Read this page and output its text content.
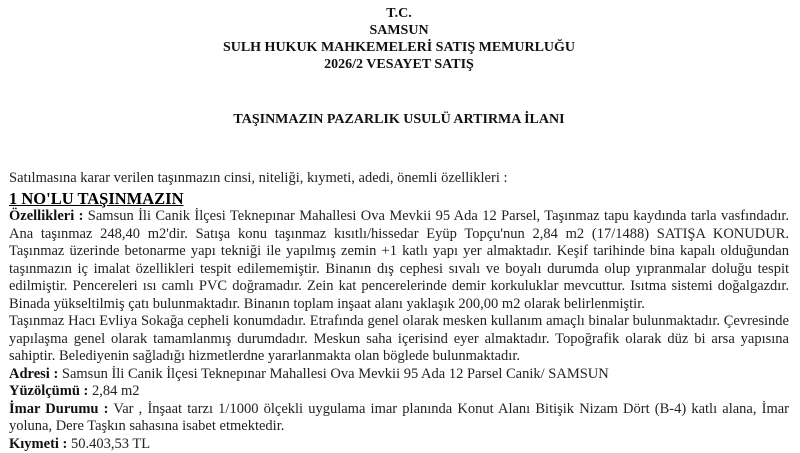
T.C.
SAMSUN
SULH HUKUK MAHKEMELERİ SATIŞ MEMURLUĞU
2026/2 VESAYET SATIŞ
TAŞINMAZIN PAZARLIK USULÜ ARTIRMA İLANI
Satılmasına karar verilen taşınmazın cinsi, niteliği, kıymeti, adedi, önemli özellikleri :
1 NO'LU TAŞINMAZIN

Özellikleri : Samsun İli Canik İlçesi Teknepınar Mahallesi Ova Mevkii 95 Ada 12 Parsel, Taşınmaz tapu kaydında tarla vasfındadır. Ana taşınmaz 248,40 m2'dir. Satışa konu taşınmaz kısıtlı/hissedar Eyüp Topçu'nun 2,84 m2 (17/1488) SATIŞA KONUDUR. Taşınmaz üzerinde betonarme yapı tekniği ile yapılmış zemin +1 katlı yapı yer almaktadır. Keşif tarihinde bina kapalı olduğundan taşınmazın iç imalat özellikleri tespit edilememiştir. Binanın dış cephesi sıvalı ve boyalı durumda olup yıpranmalar doluğu tespit edilmiştir. Pencereleri ısı camlı PVC doğramadır. Zein kat pencerelerinde demir korkuluklar mevcuttur. Isıtma sistemi doğalgazdır. Binada yükseltilmiş çatı bulunmaktadır. Binanın toplam inşaat alanı yaklaşık 200,00 m2 olarak belirlenmiştir.

Taşınmaz Hacı Evliya Sokağa cepheli konumdadır. Etrafında genel olarak mesken kullanım amaçlı binalar bulunmaktadır. Çevresinde yapılaşma genel olarak tamamlanmış durumdadır. Meskun saha içerisind eyer almaktadır. Topoğrafik olarak düz bi arsa yapısına sahiptir. Belediyenin sağladığı hizmetlerdne yararlanmakta olan böglede bulunmaktadır.

Adresi : Samsun İli Canik İlçesi Teknepınar Mahallesi Ova Mevkii 95 Ada 12 Parsel Canik/ SAMSUN

Yüzölçümü : 2,84 m2

İmar Durumu : Var , İnşaat tarzı 1/1000 ölçekli uygulama imar planında Konut Alanı Bitişik Nizam Dört (B-4) katlı alana, İmar yoluna, Dere Taşkın sahasına isabet etmektedir.

Kıymeti : 50.403,53 TL
